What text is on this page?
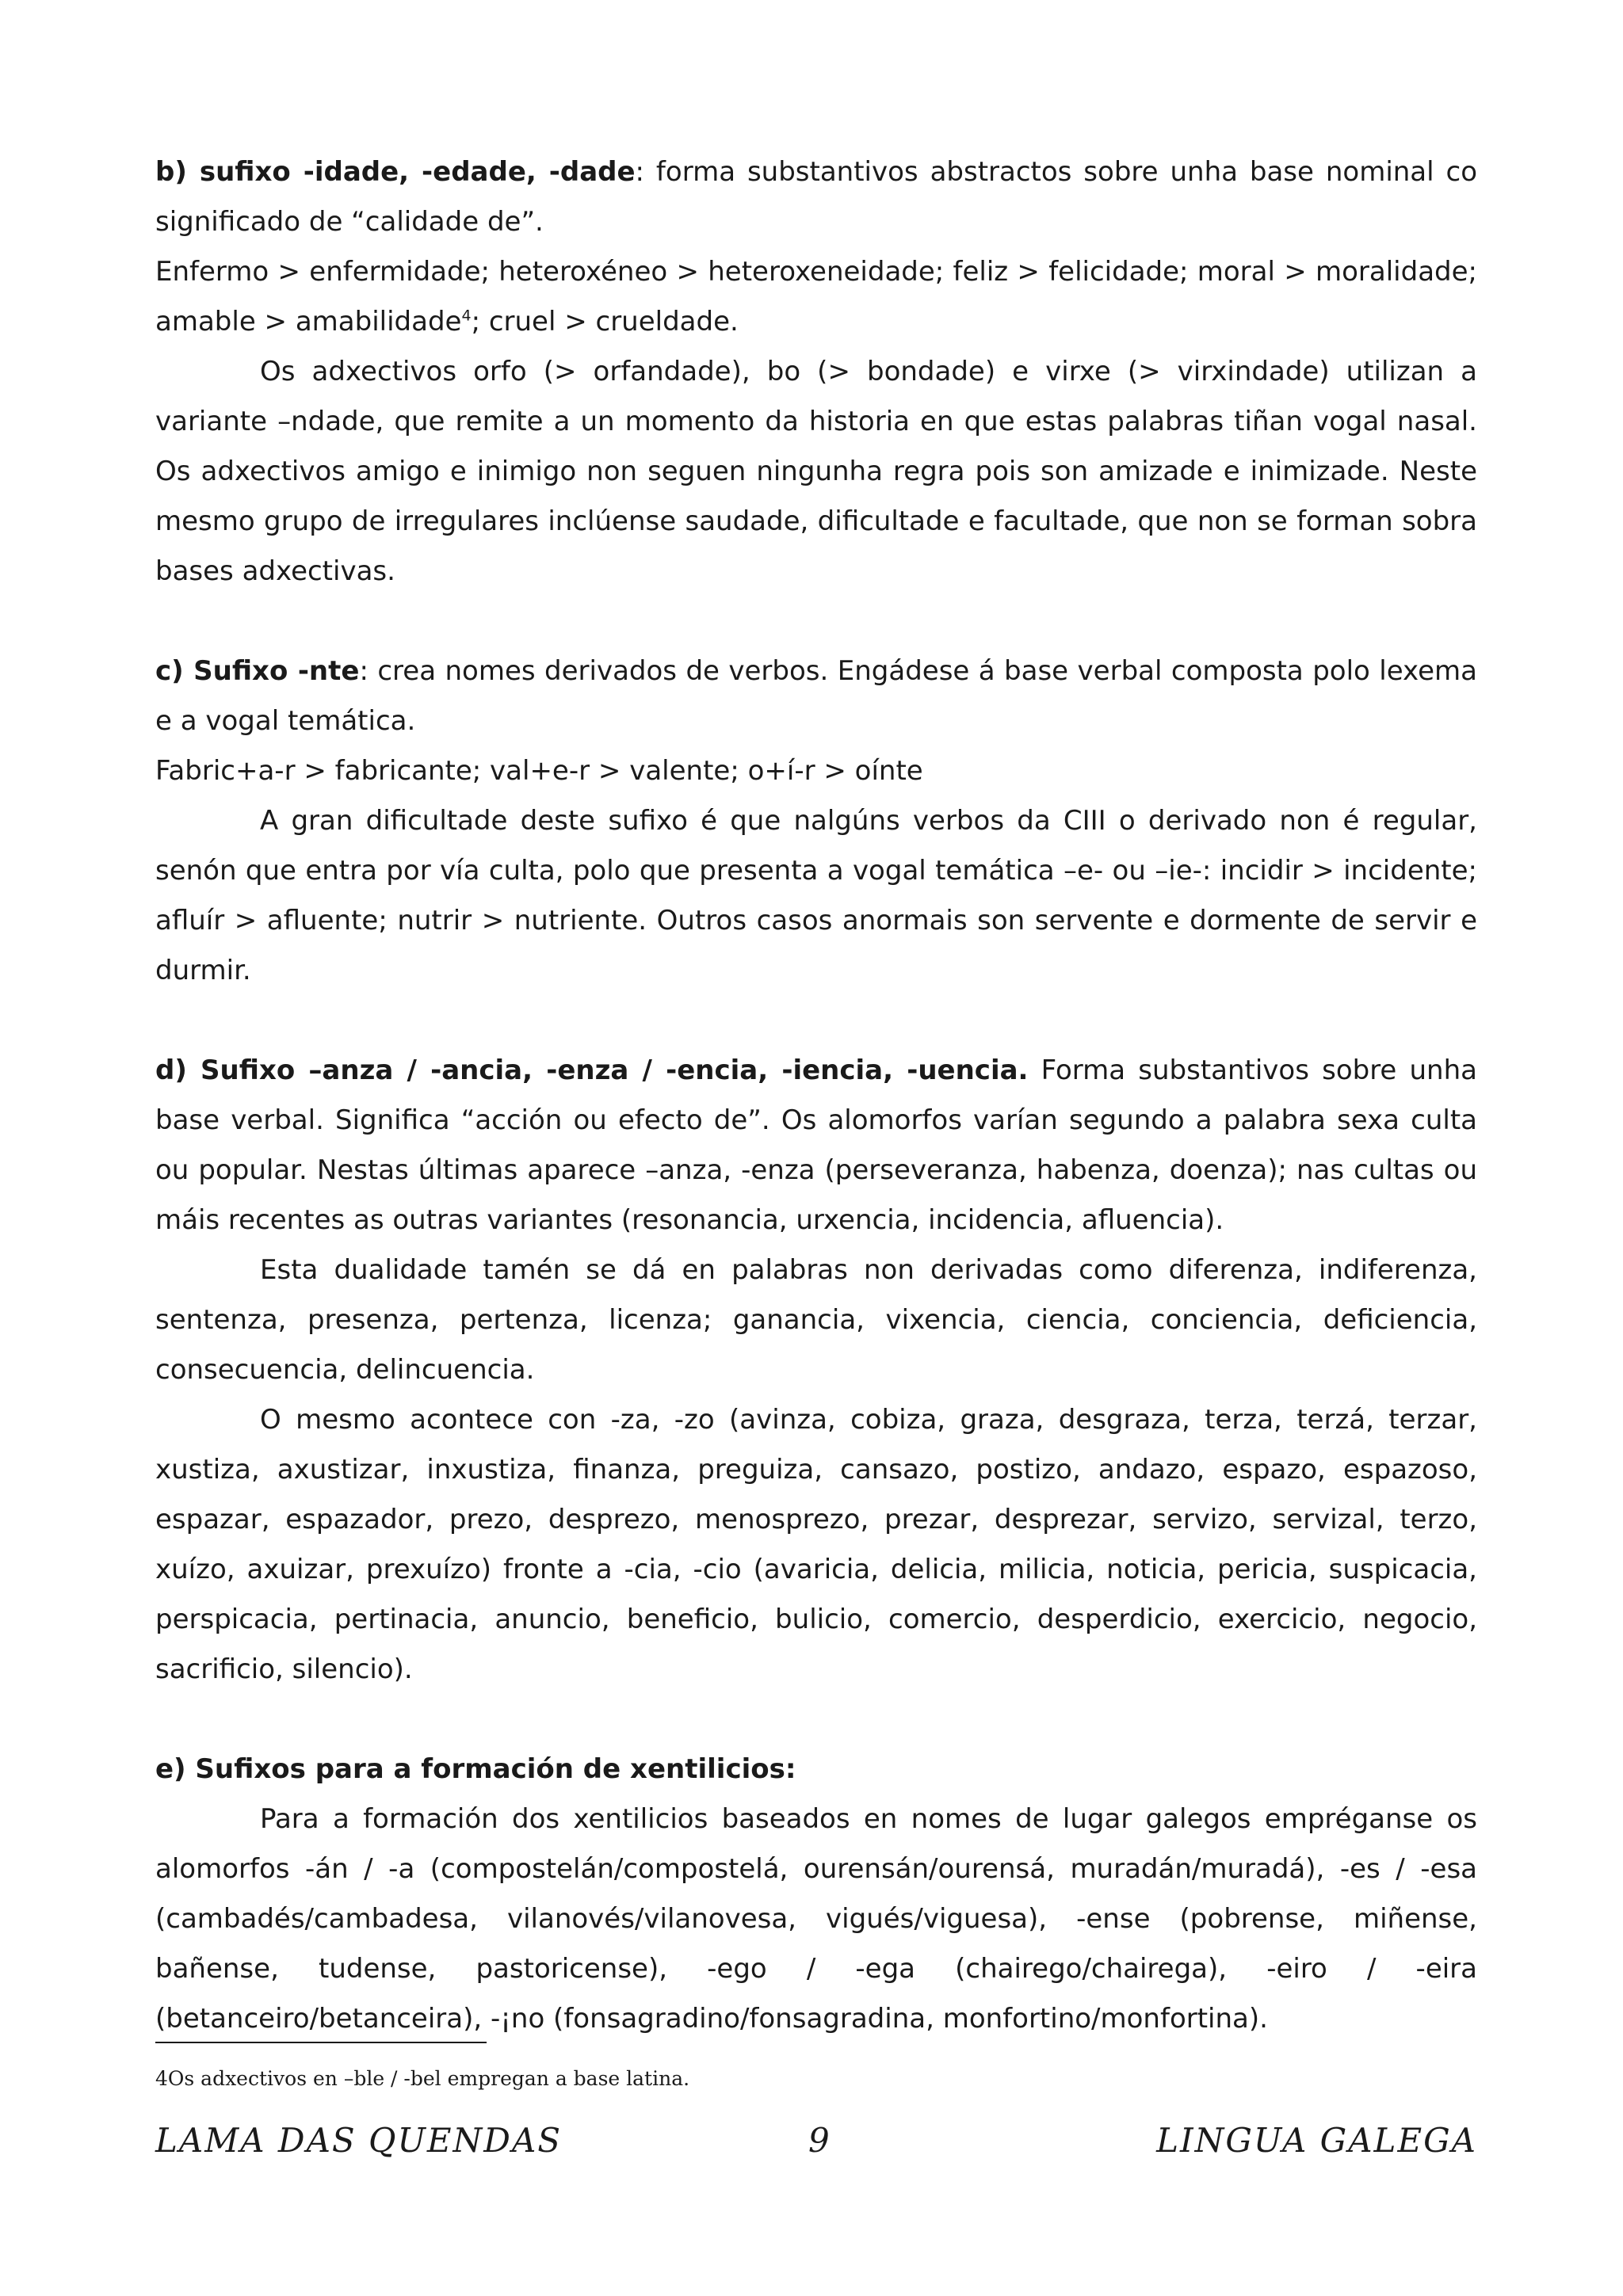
b) sufixo -idade, -edade, -dade: forma substantivos abstractos sobre unha base nominal co significado de “calidade de”.

Enfermo > enfermidade; heteroxéneo > heteroxeneidade; feliz > felicidade; moral > moralidade; amable > amabilidade$^4$; cruel > crueldade.

Os adxectivos orfo (> orfandade), bo (> bondade) e virxe (> virxindade) utilizan a variante –ndade, que remite a un momento da historia en que estas palabras tiñan vogal nasal. Os adxectivos amigo e inimigo non seguen ningunha regra pois son amizade e inimizade. Neste mesmo grupo de irregulares inclúense saudade, dificultade e facultade, que non se forman sobra bases adxectivas.

c) Sufixo -nte: crea nomes derivados de verbos. Engádese á base verbal composta polo lexema e a vogal temática.

Fabric+a-r > fabricante; val+e-r > valente; o+í-r > oínte

A gran dificultade deste sufixo é que nalgúns verbos da CIII o derivado non é regular, senón que entra por vía culta, polo que presenta a vogal temática –e- ou –ie-: incidir > incidente; afluír > afluente; nutrir > nutriente. Outros casos anormais son servente e dormente de servir e durmir.

d) Sufixo –anza / -ancia, -enza / -encia, -iencia, -uencia. Forma substantivos sobre unha base verbal. Significa “acción ou efecto de”. Os alomorfos varían segundo a palabra sexa culta ou popular. Nestas últimas aparece –anza, -enza (perseveranza, habenza, doenza); nas cultas ou máis recentes as outras variantes (resonancia, urxencia, incidencia, afluencia).

Esta dualidade tamén se dá en palabras non derivadas como diferenza, indiferenza, sentenza, presenza, pertenza, licenza; ganancia, vixencia, ciencia, conciencia, deficiencia, consecuencia, delincuencia.

O mesmo acontece con -za, -zo (avinza, cobiza, graza, desgraza, terza, terzá, terzar, xustiza, axustizar, inxustiza, finanza, preguiza, cansazo, postizo, andazo, espazo, espazoso, espazar, espazador, prezo, desprezo, menosprezo, prezar, desprezar, servizo, servizal, terzo, xuízo, axuizar, prexuízo) fronte a -cia, -cio (avaricia, delicia, milicia, noticia, pericia, suspicacia, perspicacia, pertinacia, anuncio, beneficio, bulicio, comercio, desperdicio, exercicio, negocio, sacrificio, silencio).

e) Sufixos para a formación de xentilicios:

Para a formación dos xentilicios baseados en nomes de lugar galegos empréganse os alomorfos -án / -a (compostelán/compostelá, ourensán/ourensá, muradán/muradá), -es / -esa (cambadés/cambadesa, vilanovés/vilanovesa, vigués/viguesa), -ense (pobrense, miñense, bañense, tudense, pastoricense), -ego / -ega (chairego/chairega), -eiro / -eira (betanceiro/betanceira), -¡no (fonsagradino/fonsagradina, monfortino/monfortina).

4Os adxectivos en –ble / -bel empregan a base latina.
LAMA DAS QUENDAS	9	LINGUA GALEGA
